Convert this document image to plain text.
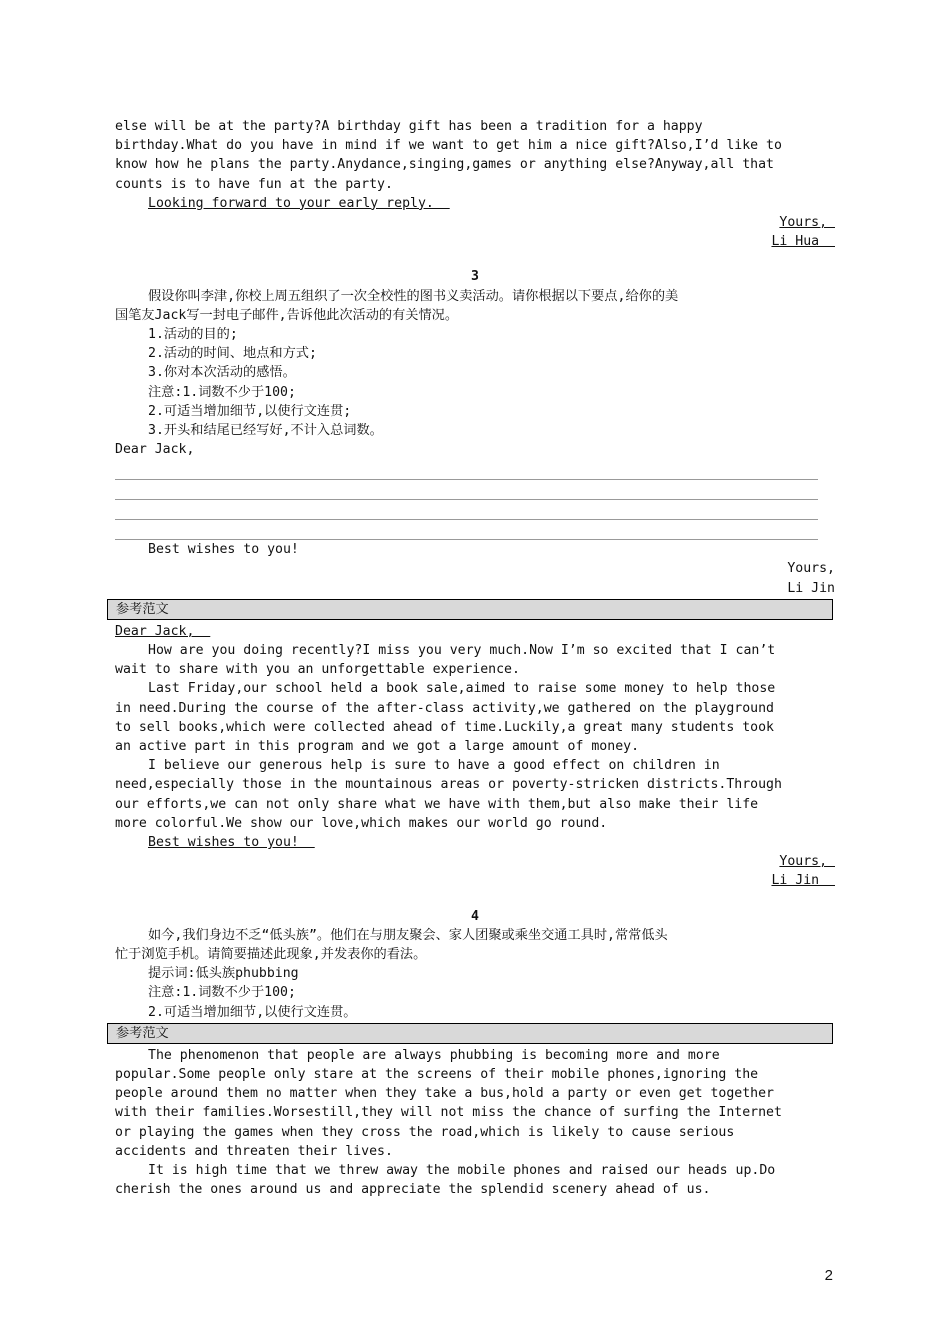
else will be at the party?A birthday gift has been a tradition for a happy
birthday.What do you have in mind if we want to get him a nice gift?Also,I’d like to
know how he plans the party.Anydance,singing,games or anything else?Anyway,all that
counts is to have fun at the party.
Looking forward to your early reply.
Yours,
Li Hua
3
假设你叫李津,你校上周五组织了一次全校性的图书义卖活动。请你根据以下要点,给你的美
国笔友Jack写一封电子邮件,告诉他此次活动的有关情况。
1.活动的目的;
2.活动的时间、地点和方式;
3.你对本次活动的感悟。
注意:1.词数不少于100;
2.可适当增加细节,以使行文连贯;
3.开头和结尾已经写好,不计入总词数。
Dear Jack,
Best wishes to you!
Yours,
Li Jin
参考范文
Dear Jack,
How are you doing recently?I miss you very much.Now I’m so excited that I can’t
wait to share with you an unforgettable experience.
Last Friday,our school held a book sale,aimed to raise some money to help those
in need.During the course of the after-class activity,we gathered on the playground
to sell books,which were collected ahead of time.Luckily,a great many students took
an active part in this program and we got a large amount of money.
I believe our generous help is sure to have a good effect on children in
need,especially those in the mountainous areas or poverty-stricken districts.Through
our efforts,we can not only share what we have with them,but also make their life
more colorful.We show our love,which makes our world go round.
Best wishes to you!
Yours,
Li Jin
4
如今,我们身边不乏“低头族”。他们在与朋友聚会、家人团聚或乘坐交通工具时,常常低头
忙于浏览手机。请简要描述此现象,并发表你的看法。
提示词:低头族phubbing
注意:1.词数不少于100;
2.可适当增加细节,以使行文连贯。
参考范文
The phenomenon that people are always phubbing is becoming more and more
popular.Some people only stare at the screens of their mobile phones,ignoring the
people around them no matter when they take a bus,hold a party or even get together
with their families.Worsestill,they will not miss the chance of surfing the Internet
or playing the games when they cross the road,which is likely to cause serious
accidents and threaten their lives.
It is high time that we threw away the mobile phones and raised our heads up.Do
cherish the ones around us and appreciate the splendid scenery ahead of us.
2
